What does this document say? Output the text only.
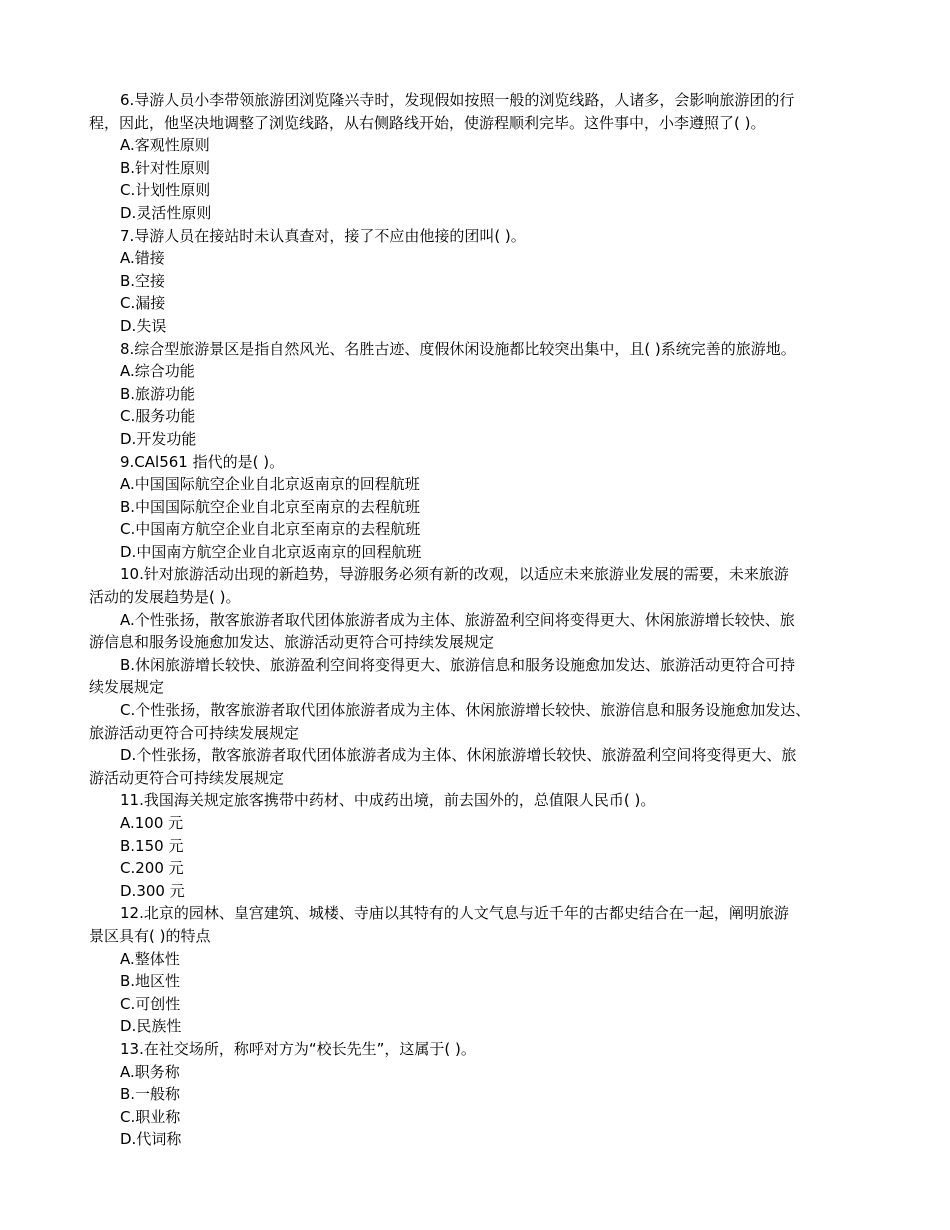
6.导游人员小李带领旅游团浏览隆兴寺时，发现假如按照一般的浏览线路，人诸多，会影响旅游团的行
程，因此，他坚决地调整了浏览线路，从右侧路线开始，使游程顺利完毕。这件事中，小李遵照了( )。
A.客观性原则
B.针对性原则
C.计划性原则
D.灵活性原则
7.导游人员在接站时未认真查对，接了不应由他接的团叫( )。
A.错接
B.空接
C.漏接
D.失误
8.综合型旅游景区是指自然风光、名胜古迹、度假休闲设施都比较突出集中，且( )系统完善的旅游地。
A.综合功能
B.旅游功能
C.服务功能
D.开发功能
9.CAl561 指代的是( )。
A.中国国际航空企业自北京返南京的回程航班
B.中国国际航空企业自北京至南京的去程航班
C.中国南方航空企业自北京至南京的去程航班
D.中国南方航空企业自北京返南京的回程航班
10.针对旅游活动出现的新趋势，导游服务必须有新的改观，以适应未来旅游业发展的需要，未来旅游
活动的发展趋势是( )。
A.个性张扬，散客旅游者取代团体旅游者成为主体、旅游盈利空间将变得更大、休闲旅游增长较快、旅
游信息和服务设施愈加发达、旅游活动更符合可持续发展规定
B.休闲旅游增长较快、旅游盈利空间将变得更大、旅游信息和服务设施愈加发达、旅游活动更符合可持
续发展规定
C.个性张扬，散客旅游者取代团体旅游者成为主体、休闲旅游增长较快、旅游信息和服务设施愈加发达、
旅游活动更符合可持续发展规定
D.个性张扬，散客旅游者取代团体旅游者成为主体、休闲旅游增长较快、旅游盈利空间将变得更大、旅
游活动更符合可持续发展规定
11.我国海关规定旅客携带中药材、中成药出境，前去国外的，总值限人民币( )。
A.100 元
B.150 元
C.200 元
D.300 元
12.北京的园林、皇宫建筑、城楼、寺庙以其特有的人文气息与近千年的古都史结合在一起，阐明旅游
景区具有( )的特点
A.整体性
B.地区性
C.可创性
D.民族性
13.在社交场所，称呼对方为“校长先生”，这属于( )。
A.职务称
B.一般称
C.职业称
D.代词称
